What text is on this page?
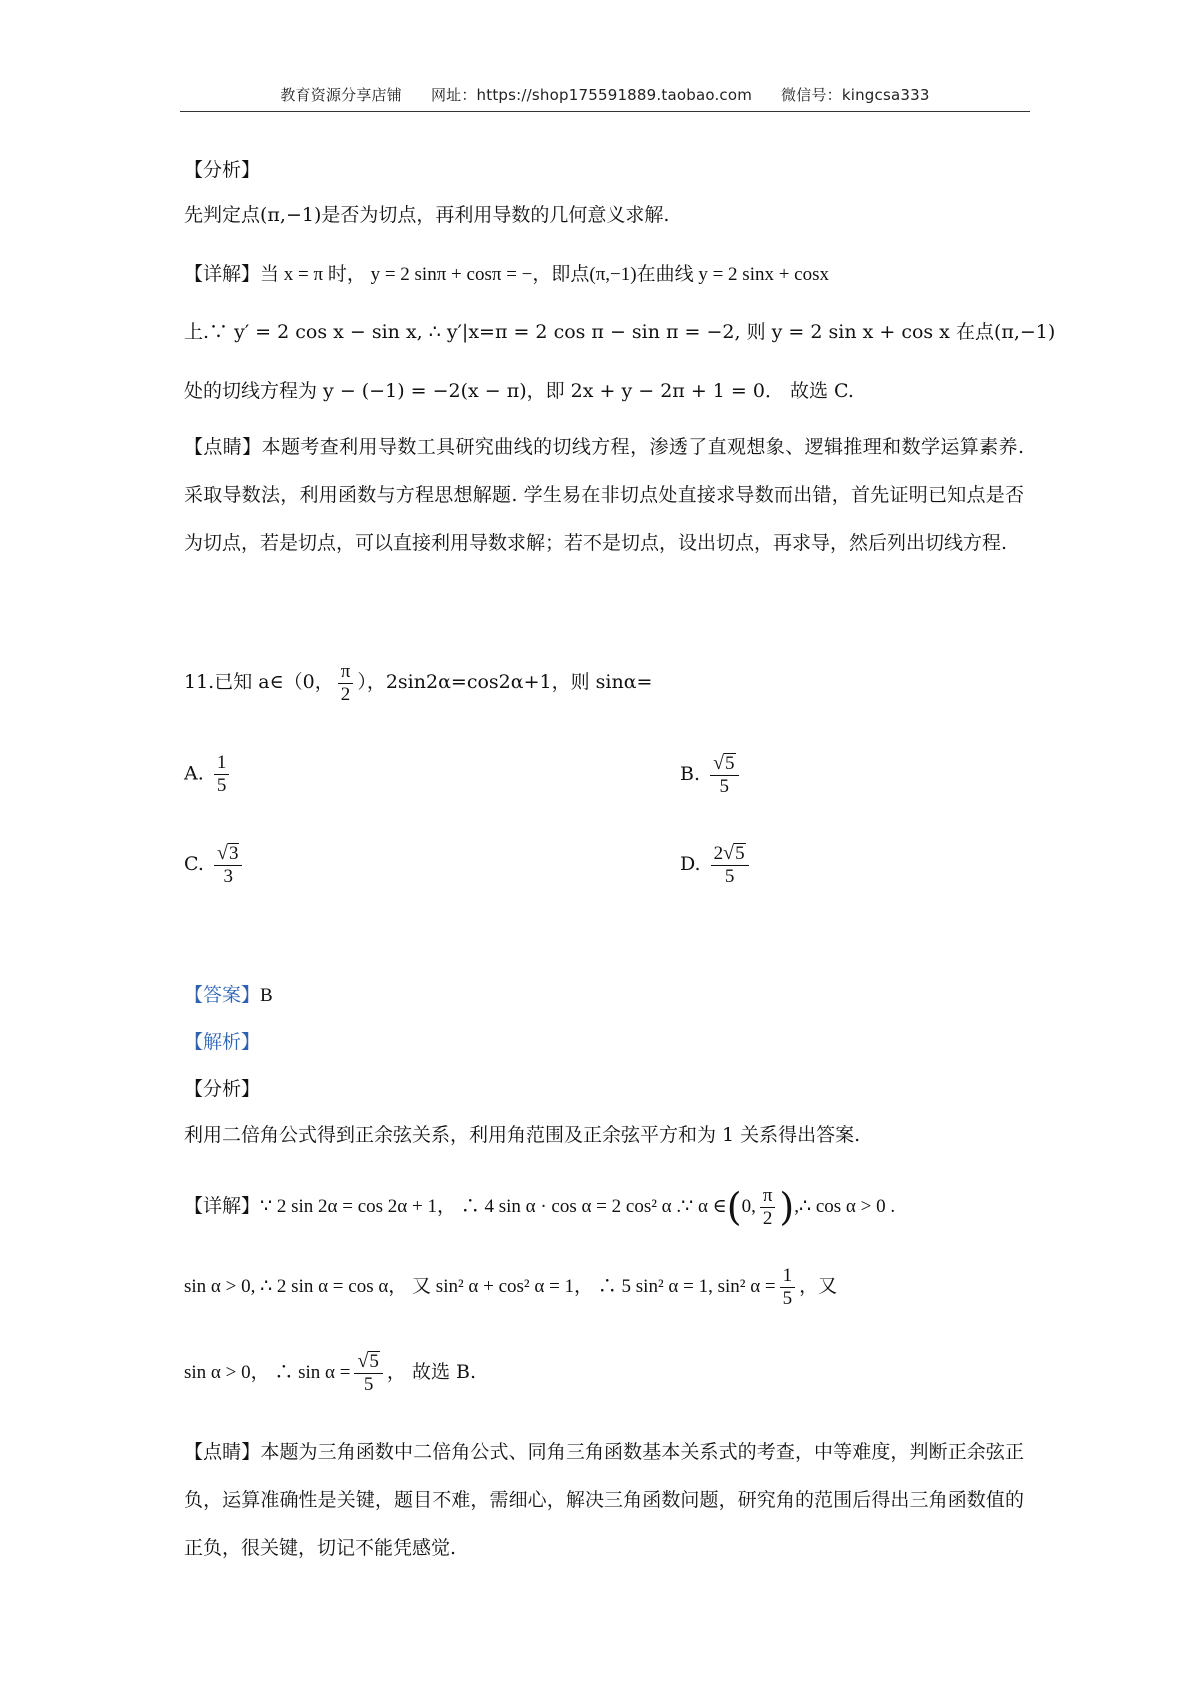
教育资源分享店铺 网址：https://shop175591889.taobao.com 微信号：kingcsa333
【分析】
先判定点(π,−1)是否为切点，再利用导数的几何意义求解.
【详解】当 x = π 时， y = 2 sinπ + cosπ = −，即点(π,−1)在曲线 y = 2 sinx + cosx
上.∵ y′ = 2 cos x − sin x, ∴ y′|x=π = 2 cos π − sin π = −2, 则 y = 2 sin x + cos x 在点(π,−1)
处的切线方程为 y − (−1) = −2(x − π)，即 2x + y − 2π + 1 = 0． 故选 C.
【点睛】本题考查利用导数工具研究曲线的切线方程，渗透了直观想象、逻辑推理和数学运算素养. 采取导数法，利用函数与方程思想解题. 学生易在非切点处直接求导数而出错，首先证明已知点是否为切点，若是切点，可以直接利用导数求解；若不是切点，设出切点，再求导，然后列出切线方程.
11.已知 a∈（0， $\frac{\pi}{2}$ ），2sin2α=cos2α+1，则 sinα=
A. $\frac{1}{5}$	B. $\frac{√ 5}{5}$
C. $\frac{√ 3}{3}$	D. $\frac{2 √ 5}{5}$
【答案】B
【解析】
【分析】
利用二倍角公式得到正余弦关系，利用角范围及正余弦平方和为 1 关系得出答案.
【详解】∵ 2 sin 2α = cos 2α + 1， ∴ 4 sin α · cos α = 2 cos² α .∵ α ∈(0, $\frac{\pi}{2}$ ),∴ cos α > 0 .
sin α > 0, ∴ 2 sin α = cos α， 又 sin² α + cos² α = 1， ∴ 5 sin² α = 1, sin² $\alpha = \frac{1}{5}$ ，又
sin α > 0， ∴ $\sin \alpha = \frac{√ 5}{5}$ ， 故选 B.
【点睛】本题为三角函数中二倍角公式、同角三角函数基本关系式的考查，中等难度，判断正余弦正负，运算准确性是关键，题目不难，需细心，解决三角函数问题，研究角的范围后得出三角函数值的正负，很关键，切记不能凭感觉.
